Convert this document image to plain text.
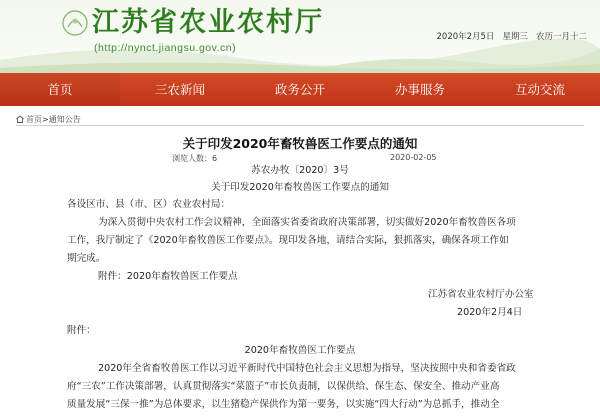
江苏省农业农村厅
(http://nynct.jiangsu.gov.cn)
2020年2月5日 星期三 农历一月十二
首页	三农新闻	政务公开	办事服务	互动交流
首页>通知公告
关于印发2020年畜牧兽医工作要点的通知
浏览人数：6	2020-02-05
苏农办牧〔2020〕3号
关于印发2020年畜牧兽医工作要点的通知
各设区市、县（市、区）农业农村局：
为深入贯彻中央农村工作会议精神，全面落实省委省政府决策部署，切实做好2020年畜牧兽医各项
工作，我厅制定了《2020年畜牧兽医工作要点》。现印发各地，请结合实际，狠抓落实，确保各项工作如
期完成。
附件：2020年畜牧兽医工作要点
江苏省农业农村厅办公室
2020年2月4日
附件：
2020年畜牧兽医工作要点
2020年全省畜牧兽医工作以习近平新时代中国特色社会主义思想为指导，坚决按照中央和省委省政
府“三农”工作决策部署，认真贯彻落实“菜篮子”市长负责制，以保供给、保生态、保安全、推动产业高
质量发展“三保一推”为总体要求，以生猪稳产保供作为第一要务，以实施“四大行动”为总抓手，推动全
